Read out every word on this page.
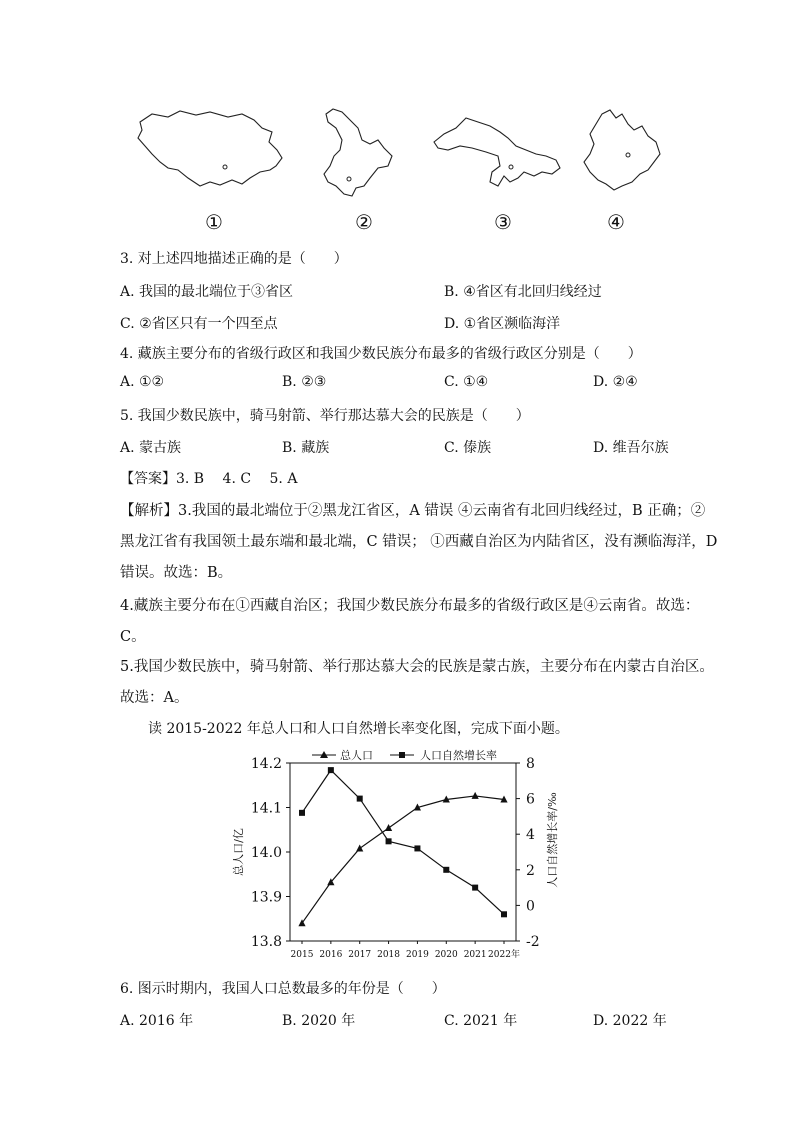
①	②	③	④
3. 对上述四地描述正确的是（　　）
A. 我国的最北端位于③省区	B. ④省区有北回归线经过
C. ②省区只有一个四至点	D. ①省区濒临海洋
4. 藏族主要分布的省级行政区和我国少数民族分布最多的省级行政区分别是（　　）
A. ①②	B. ②③	C. ①④	D. ②④
5. 我国少数民族中，骑马射箭、举行那达慕大会的民族是（　　）
A. 蒙古族	B. 藏族	C. 傣族	D. 维吾尔族
【答案】3. B　 4. C　 5. A
【解析】3.我国的最北端位于②黑龙江省区，A 错误 ④云南省有北回归线经过，B 正确；②
黑龙江省有我国领土最东端和最北端，C 错误； ①西藏自治区为内陆省区，没有濒临海洋，D
错误。故选：B。
4.藏族主要分布在①西藏自治区；我国少数民族分布最多的省级行政区是④云南省。故选：
C。
5.我国少数民族中，骑马射箭、举行那达慕大会的民族是蒙古族，主要分布在内蒙古自治区。
故选：A。
读 2015-2022 年总人口和人口自然增长率变化图，完成下面小题。
14.2
14.1
14.0
13.9
13.8
8
6
4
2
0
-2
2015 2016 2017 2018 2019 2020 2021 2022年
总人口/亿	人口自然增长率/‰
总人口	人口自然增长率
6. 图示时期内，我国人口总数最多的年份是（　　）
A. 2016 年	B. 2020 年	C. 2021 年	D. 2022 年
